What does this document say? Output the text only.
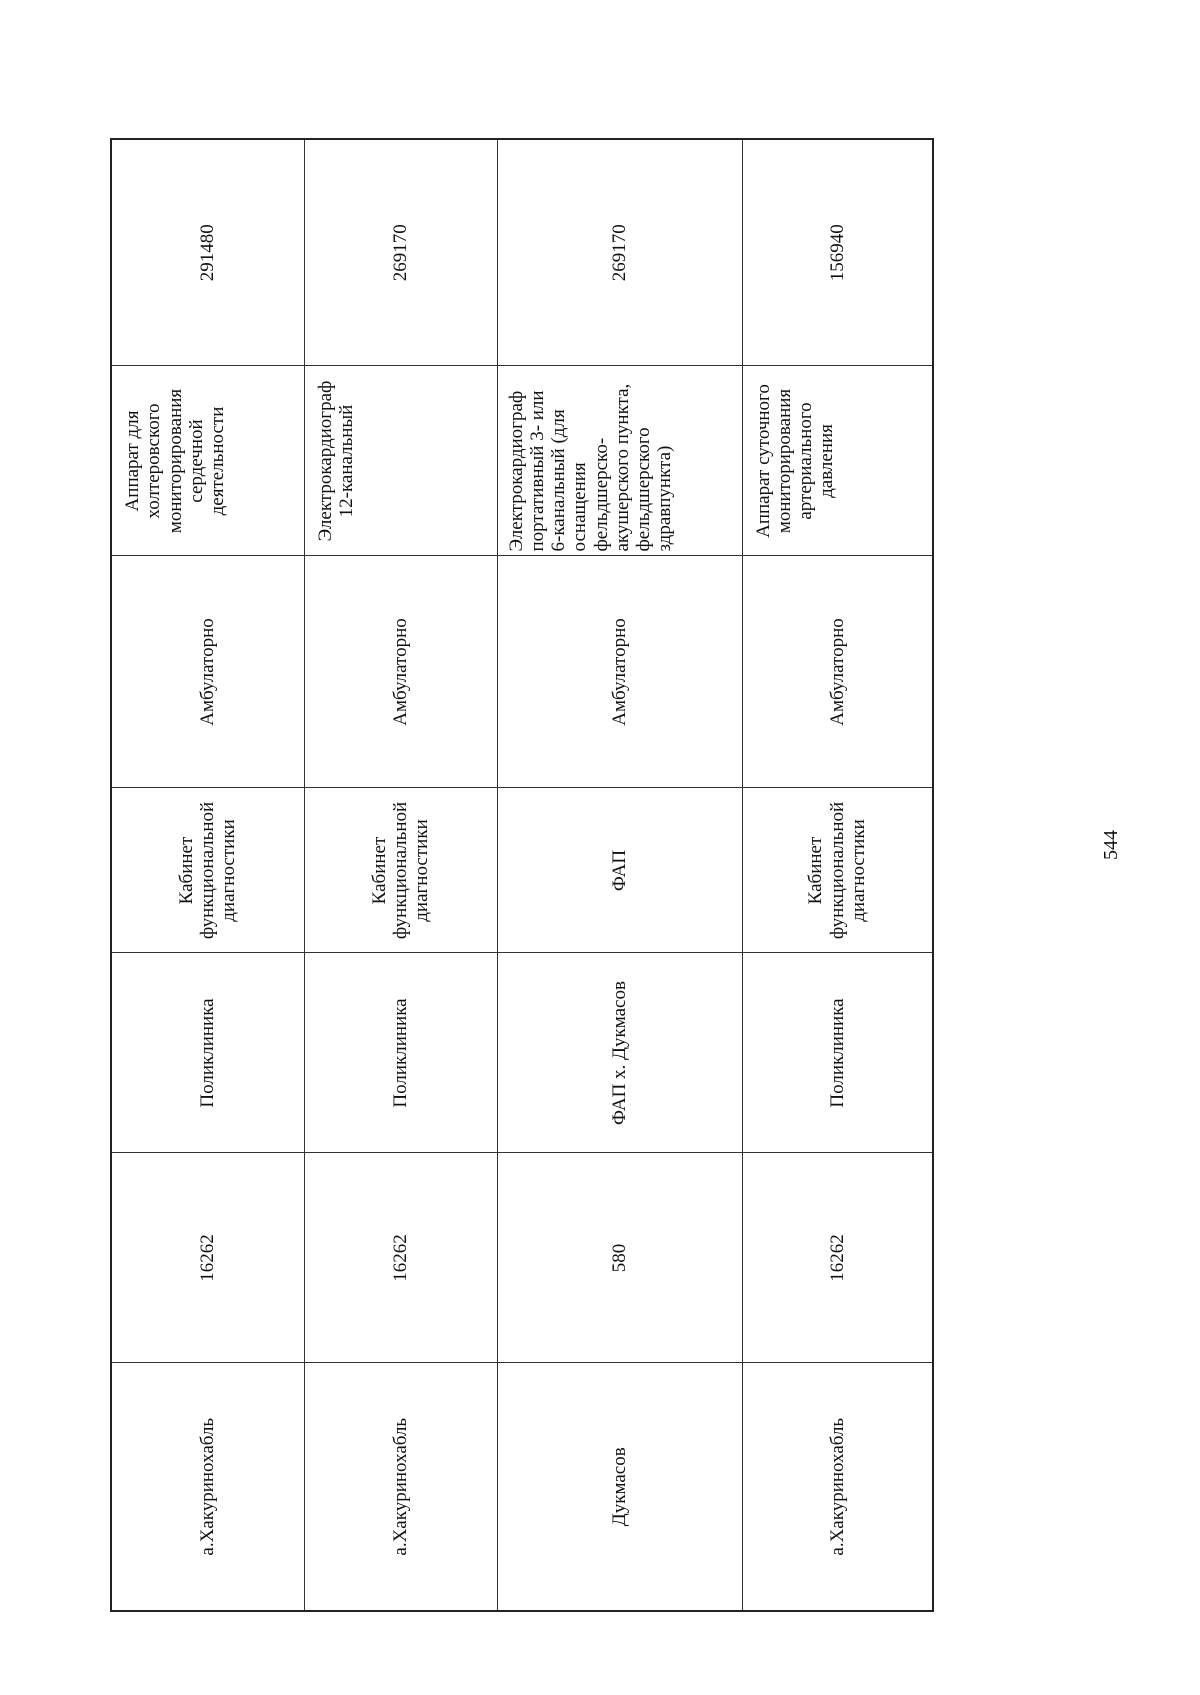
а.Хакуринохабль	16262	Поликлиника	Кабинет функциональной диагностики	Амбулаторно	Аппарат для холтеровского мониторирования сердечной деятельности	291480
а.Хакуринохабль	16262	Поликлиника	Кабинет функциональной диагностики	Амбулаторно	Электрокардиограф 12-канальный	269170
Дукмасов	580	ФАП х. Дукмасов	ФАП	Амбулаторно	Электрокардиограф портативный 3- или 6-канальный (для оснащения фельдшерско-акушерского пункта, фельдшерского здравпункта)	269170
а.Хакуринохабль	16262	Поликлиника	Кабинет функциональной диагностики	Амбулаторно	Аппарат суточного мониторирования артериального давления	156940
544
